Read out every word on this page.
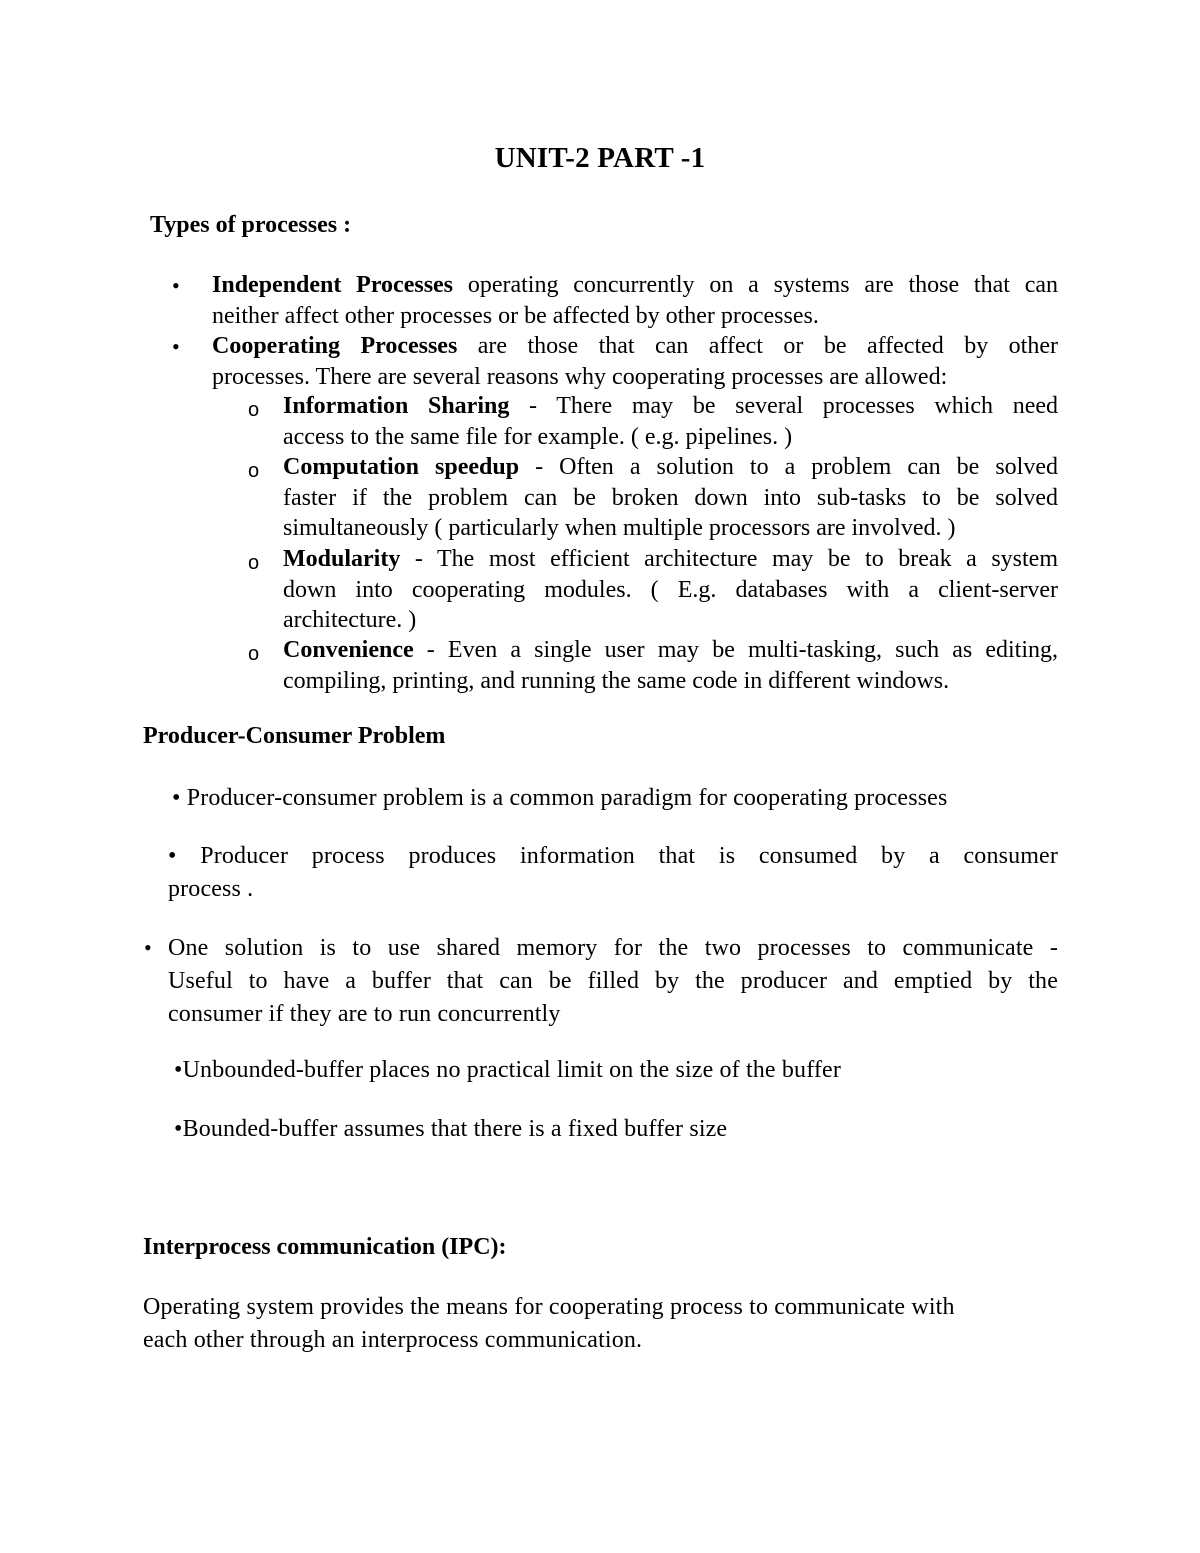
UNIT-2 PART -1
Types of processes :
• Independent Processes operating concurrently on a systems are those that can
neither affect other processes or be affected by other processes.
• Cooperating Processes are those that can affect or be affected by other
processes. There are several reasons why cooperating processes are allowed:
o Information Sharing - There may be several processes which need
access to the same file for example. ( e.g. pipelines. )
o Computation speedup - Often a solution to a problem can be solved
faster if the problem can be broken down into sub-tasks to be solved
simultaneously ( particularly when multiple processors are involved. )
o Modularity - The most efficient architecture may be to break a system
down into cooperating modules. ( E.g. databases with a client-server
architecture. )
o Convenience - Even a single user may be multi-tasking, such as editing,
compiling, printing, and running the same code in different windows.
Producer-Consumer Problem
• Producer-consumer problem is a common paradigm for cooperating processes
• Producer process produces information that is consumed by a consumer
process .
• One solution is to use shared memory for the two processes to communicate -
Useful to have a buffer that can be filled by the producer and emptied by the
consumer if they are to run concurrently
•Unbounded-buffer places no practical limit on the size of the buffer
•Bounded-buffer assumes that there is a fixed buffer size
Interprocess communication (IPC):
Operating system provides the means for cooperating process to communicate with
each other through an interprocess communication.
